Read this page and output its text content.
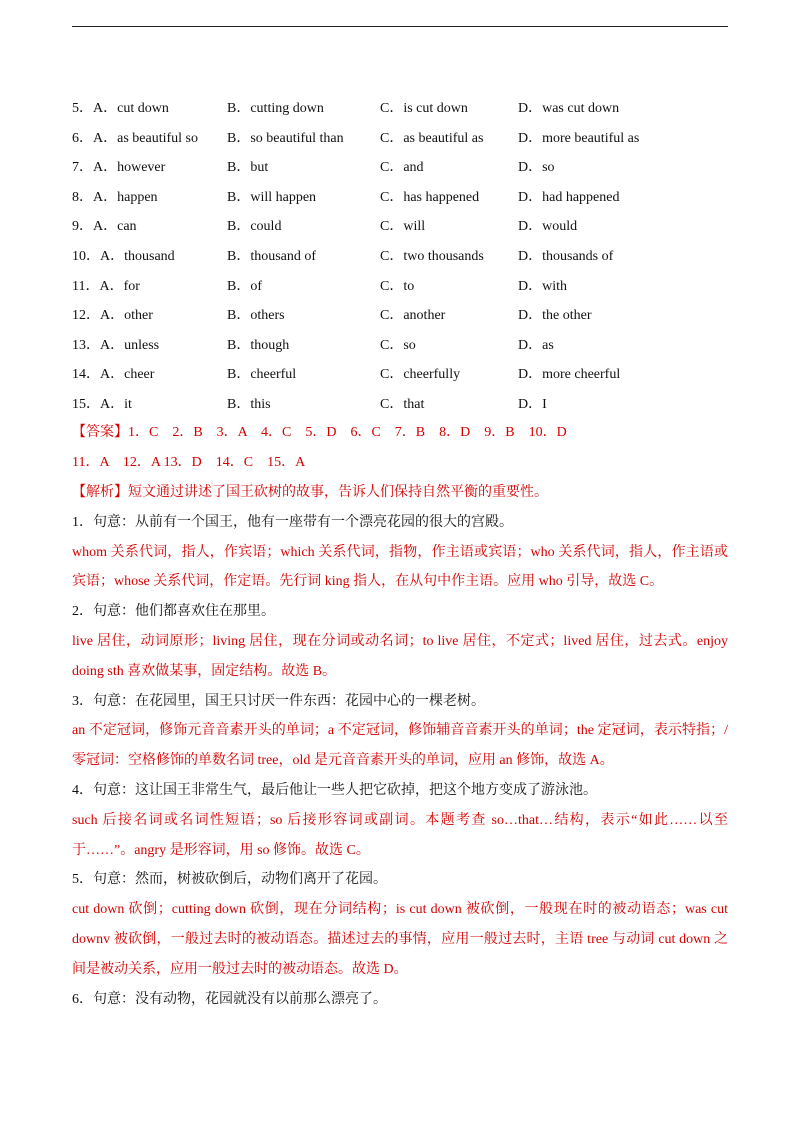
5．A．cut down	B．cutting down	C．is cut down	D．was cut down
6．A．as beautiful so B．so beautiful than	C．as beautiful as D．more beautiful as
7．A．however	B．but	C．and	D．so
8．A．happen	B．will happen	C．has happened	D．had happened
9．A．can	B．could	C．will	D．would
10．A．thousand	B．thousand of	C．two thousands D．thousands of
11．A．for	B．of	C．to	D．with
12．A．other	B．others	C．another	D．the other
13．A．unless	B．though	C．so	D．as
14．A．cheer	B．cheerful	C．cheerfully	D．more cheerful
15．A．it	B．this	C．that	D．I
【答案】1．C　2．B　3．A　4．C　5．D　6．C　7．B　8．D　9．B　10．D
11．A　12．A 13．D　14．C　15．A

【解析】短文通过讲述了国王砍树的故事，告诉人们保持自然平衡的重要性。

1．句意：从前有一个国王，他有一座带有一个漂亮花园的很大的宫殿。

whom 关系代词，指人，作宾语；which 关系代词，指物，作主语或宾语；who 关系代词，指人，作主语或宾语；whose 关系代词，作定语。先行词 king 指人，在从句中作主语。应用 who 引导，故选 C。

2．句意：他们都喜欢住在那里。

live 居住，动词原形；living 居住，现在分词或动名词；to live 居住，不定式；lived 居住，过去式。enjoy doing sth 喜欢做某事，固定结构。故选 B。

3．句意：在花园里，国王只讨厌一件东西：花园中心的一棵老树。

an 不定冠词，修饰元音音素开头的单词；a 不定冠词，修饰辅音音素开头的单词；the 定冠词，表示特指；/零冠词：空格修饰的单数名词 tree，old 是元音音素开头的单词，应用 an 修饰，故选 A。

4．句意：这让国王非常生气，最后他让一些人把它砍掉，把这个地方变成了游泳池。

such 后接名词或名词性短语；so 后接形容词或副词。本题考查 so…that…结构，表示“如此……以至于……”。angry 是形容词，用 so 修饰。故选 C。

5．句意：然而，树被砍倒后，动物们离开了花园。

cut down 砍倒；cutting down 砍倒，现在分词结构；is cut down 被砍倒，一般现在时的被动语态；was cut downv 被砍倒，一般过去时的被动语态。描述过去的事情，应用一般过去时，主语 tree 与动词 cut down 之间是被动关系，应用一般过去时的被动语态。故选 D。

6．句意：没有动物，花园就没有以前那么漂亮了。
